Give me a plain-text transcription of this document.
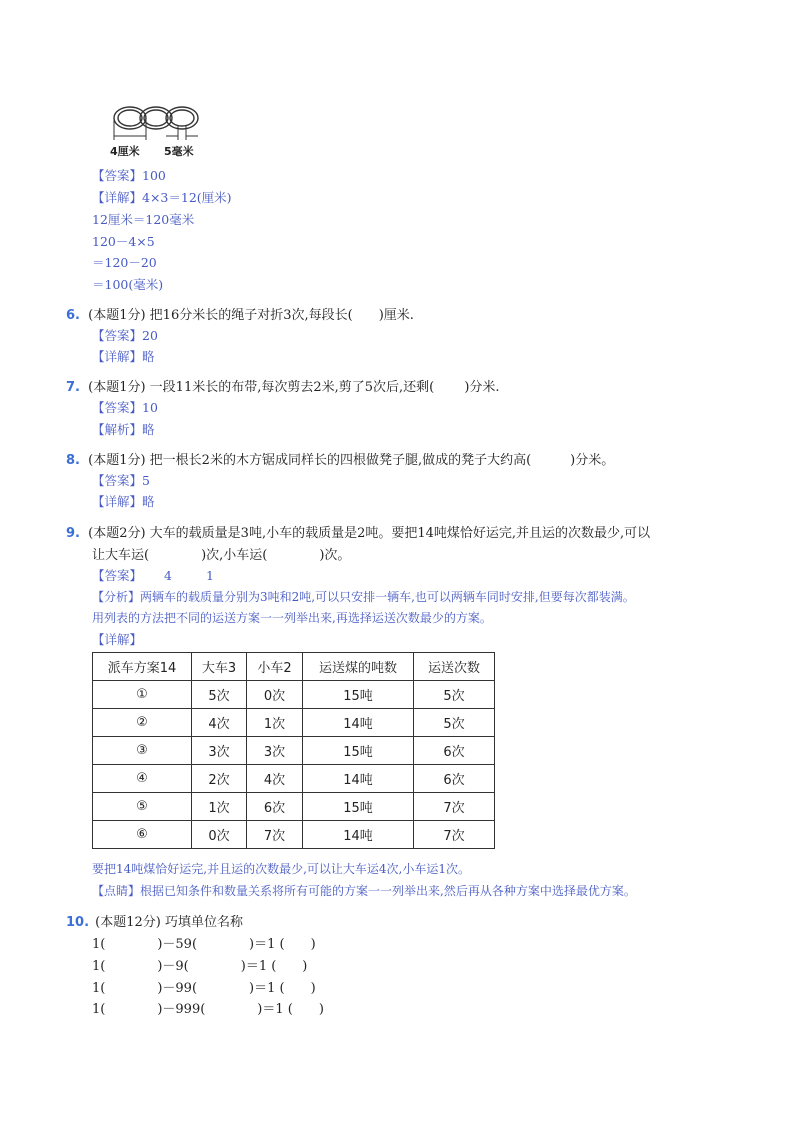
4厘米 5毫米
【答案】100
【详解】4×3＝12(厘米)
12厘米＝120毫米
120－4×5
＝120－20
＝100(毫米)
6. (本题1分) 把16分米长的绳子对折3次,每段长(　　)厘米.
【答案】20
【详解】略
7. (本题1分) 一段11米长的布带,每次剪去2米,剪了5次后,还剩(　　 )分米.
【答案】10
【解析】略
8. (本题1分) 把一根长2米的木方锯成同样长的四根做凳子腿,做成的凳子大约高(　　　)分米。
【答案】5
【详解】略
9. (本题2分) 大车的载质量是3吨,小车的载质量是2吨。要把14吨煤恰好运完,并且运的次数最少,可以
让大车运(　　　　)次,小车运(　　　　)次。
【答案】 4	1
【分析】两辆车的载质量分别为3吨和2吨,可以只安排一辆车,也可以两辆车同时安排,但要每次都装满。
用列表的方法把不同的运送方案一一列举出来,再选择运送次数最少的方案。
【详解】
派车方案14	大车3	小车2	运送煤的吨数	运送次数
①	5次	0次	15吨	5次
②	4次	1次	14吨	5次
③	3次	3次	15吨	6次
④	2次	4次	14吨	6次
⑤	1次	6次	15吨	7次
⑥	0次	7次	14吨	7次
要把14吨煤恰好运完,并且运的次数最少,可以让大车运4次,小车运1次。
【点睛】根据已知条件和数量关系将所有可能的方案一一列举出来,然后再从各种方案中选择最优方案。
10. (本题12分) 巧填单位名称
1(　　　　)－59(　　　　)＝1 (　　)
1(　　　　)－9(　　　　)＝1 (　　)
1(　　　　)－99(　　　　)＝1 (　　)
1(　　　　)－999(　　　　)＝1 (　　)
